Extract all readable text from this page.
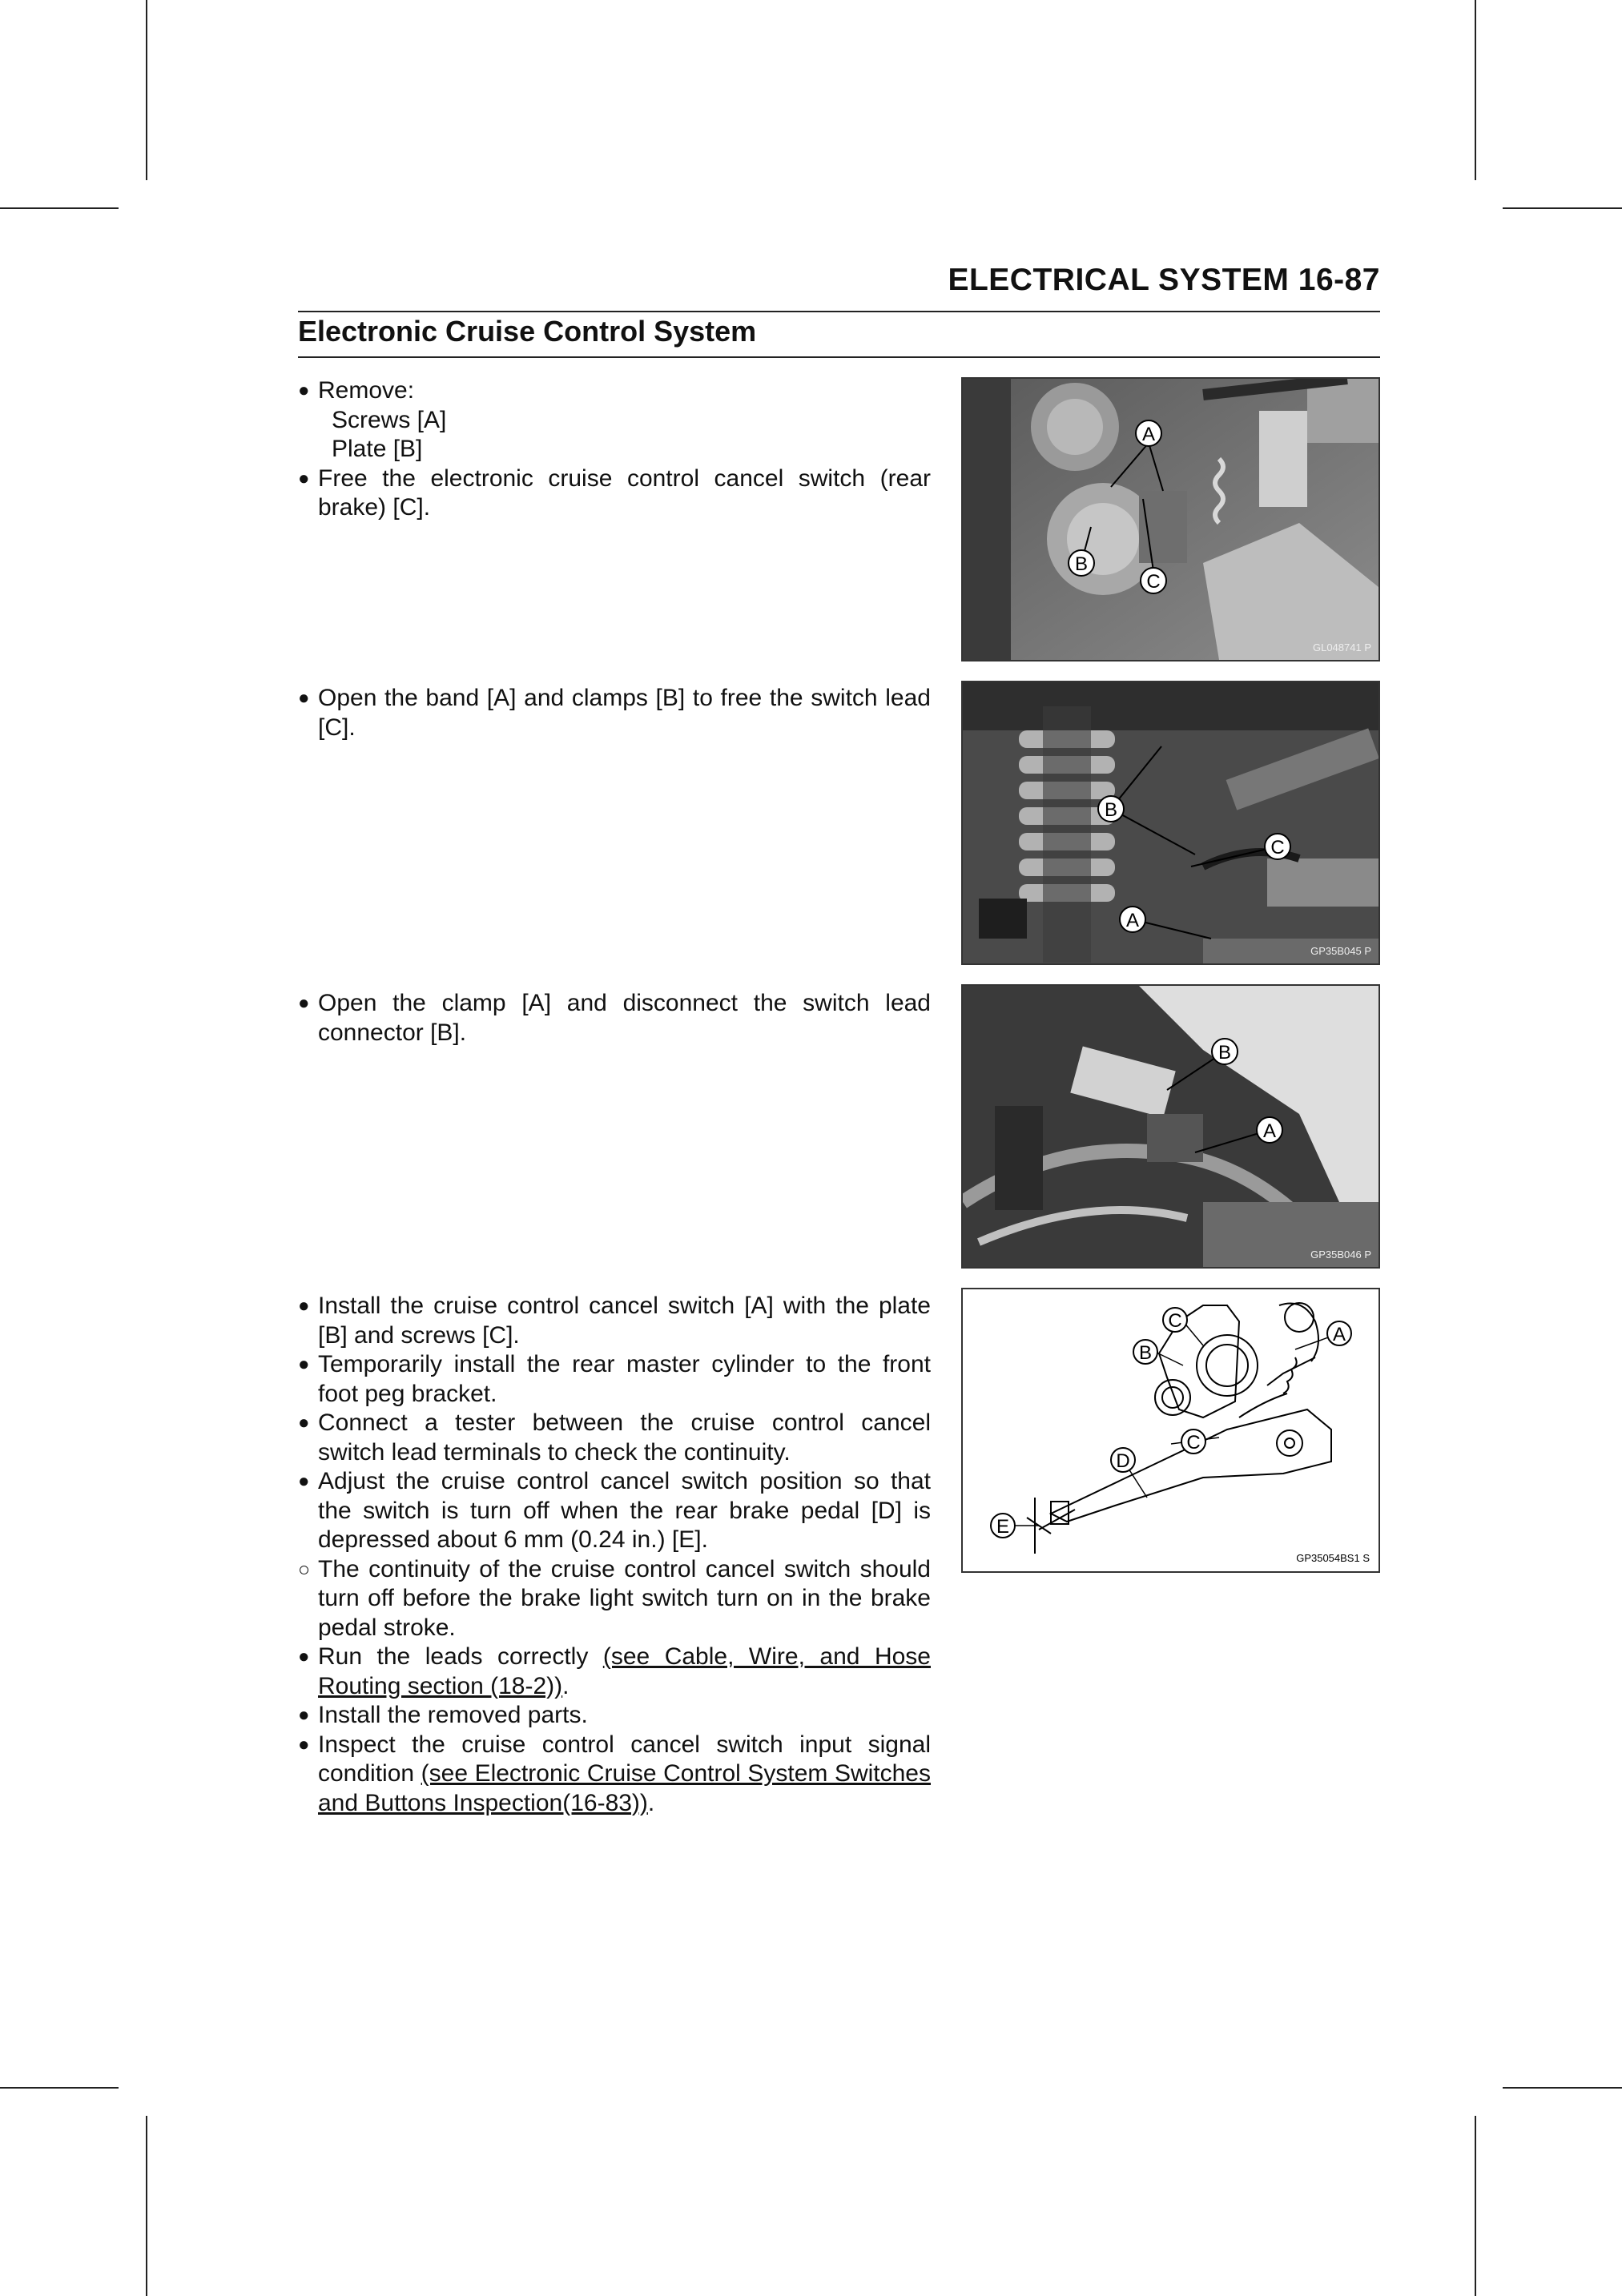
ELECTRICAL SYSTEM 16-87
Electronic Cruise Control System
● Remove:
Screws [A]
Plate [B]
● Free the electronic cruise control cancel switch (rear brake) [C].
A
B
C
GL048741 P
● Open the band [A] and clamps [B] to free the switch lead [C].
B
C
A
GP35B045 P
● Open the clamp [A] and disconnect the switch lead connector [B].
B
A
GP35B046 P
● Install the cruise control cancel switch [A] with the plate [B] and screws [C].
● Temporarily install the rear master cylinder to the front foot peg bracket.
● Connect a tester between the cruise control cancel switch lead terminals to check the continuity.
● Adjust the cruise control cancel switch position so that the switch is turn off when the rear brake pedal [D] is depressed about 6 mm (0.24 in.) [E].
○ The continuity of the cruise control cancel switch should turn off before the brake light switch turn on in the brake pedal stroke.
● Run the leads correctly (see Cable, Wire, and Hose Routing section (18-2)).
● Install the removed parts.
● Inspect the cruise control cancel switch input signal condition (see Electronic Cruise Control System Switches and Buttons Inspection(16-83)).
C
A
B
D
C
E
GP35054BS1 S
